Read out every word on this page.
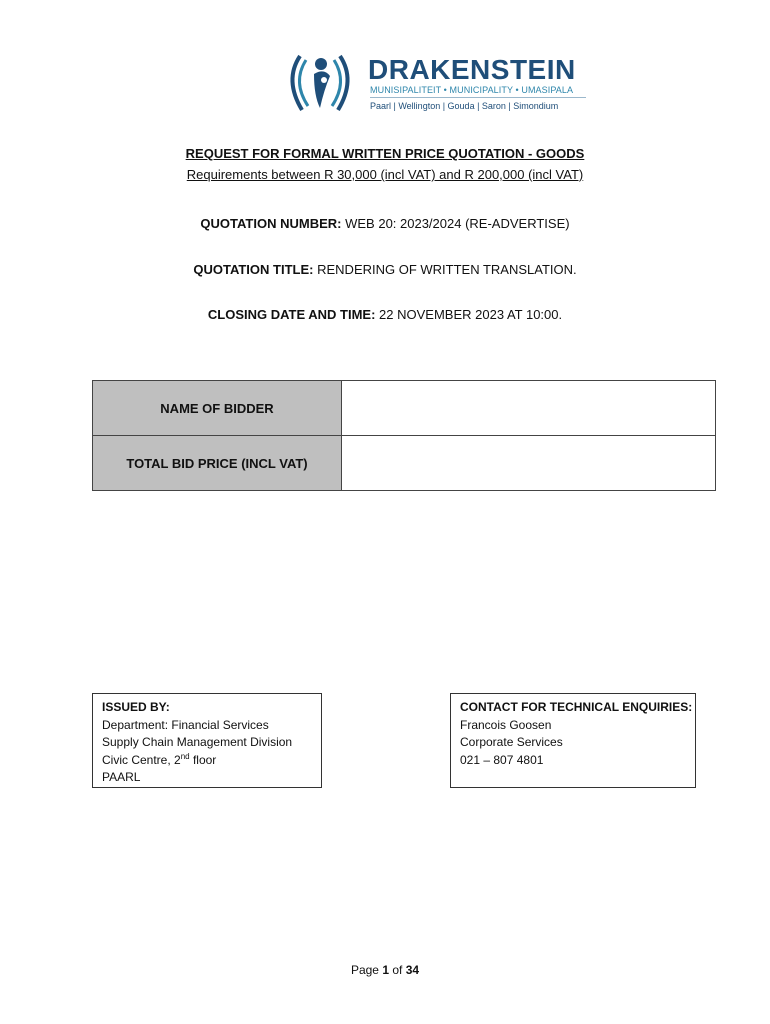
DRAKENSTEIN
MUNISIPALITEIT • MUNICIPALITY • UMASIPALA
Paarl | Wellington | Gouda | Saron | Simondium
REQUEST FOR FORMAL WRITTEN PRICE QUOTATION - GOODS
Requirements between R 30,000 (incl VAT) and R 200,000 (incl VAT)
QUOTATION NUMBER: WEB 20: 2023/2024 (RE-ADVERTISE)
QUOTATION TITLE: RENDERING OF WRITTEN TRANSLATION.
CLOSING DATE AND TIME: 22 NOVEMBER 2023 AT 10:00.
NAME OF BIDDER	
TOTAL BID PRICE (INCL VAT)	
ISSUED BY:
Department: Financial Services
Supply Chain Management Division
Civic Centre, 2nd floor
PAARL
CONTACT FOR TECHNICAL ENQUIRIES:
Francois Goosen
Corporate Services
021 – 807 4801
Page 1 of 34
